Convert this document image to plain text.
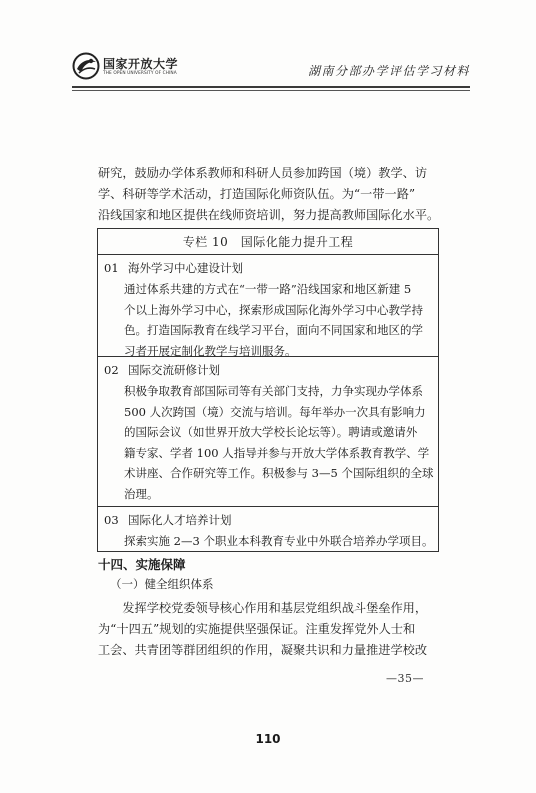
国家开放大学
THE OPEN UNIVERSITY OF CHINA	湖南分部办学评估学习材料
研究，鼓励办学体系教师和科研人员参加跨国（境）教学、访
学、科研等学术活动，打造国际化师资队伍。为“一带一路”
沿线国家和地区提供在线师资培训，努力提高教师国际化水平。
专栏 10　国际化能力提升工程
01 海外学习中心建设计划
通过体系共建的方式在“一带一路”沿线国家和地区新建 5
个以上海外学习中心，探索形成国际化海外学习中心教学持
色。打造国际教育在线学习平台，面向不同国家和地区的学
习者开展定制化教学与培训服务。
02 国际交流研修计划
积极争取教育部国际司等有关部门支持，力争实现办学体系
500 人次跨国（境）交流与培训。每年举办一次具有影响力
的国际会议（如世界开放大学校长论坛等）。聘请或邀请外
籍专家、学者 100 人指导并参与开放大学体系教育教学、学
术讲座、合作研究等工作。积极参与 3—5 个国际组织的全球
治理。
03 国际化人才培养计划
探索实施 2—3 个职业本科教育专业中外联合培养办学项目。
十四、实施保障
（一）健全组织体系
　　发挥学校党委领导核心作用和基层党组织战斗堡垒作用，
为“十四五”规划的实施提供坚强保证。注重发挥党外人士和
工会、共青团等群团组织的作用，凝聚共识和力量推进学校改
—35—
110
